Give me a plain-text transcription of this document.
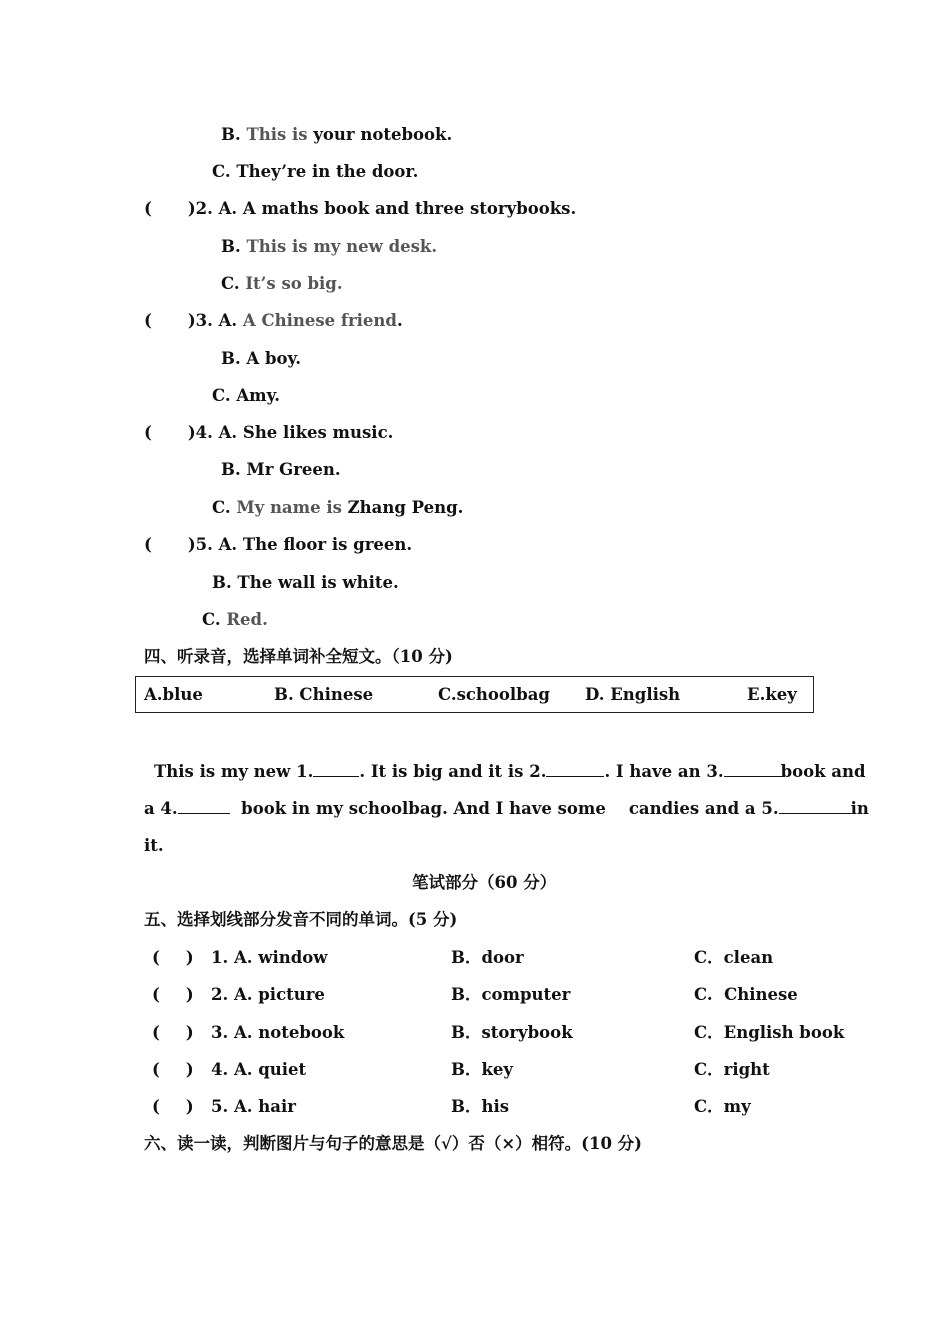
B. This is your notebook.
C. They’re in the door.
( )2. A. A maths book and three storybooks.
B. This is my new desk.
C. It’s so big.
( )3. A. A Chinese friend.
B. A boy.
C. Amy.
( )4. A. She likes music.
B. Mr Green.
C. My name is Zhang Peng.
( )5. A. The floor is green.
B. The wall is white.
C. Red.
四、听录音，选择单词补全短文。（10 分)
A.blue	B. Chinese	C.schoolbag D. English	E.key
This is my new 1.	. It is big and it is 2.	. I have an 3.	book and
a 4.	book in my schoolbag. And I have some candies and a 5.	in
it.
笔试部分（60 分）
五、选择划线部分发音不同的单词。(5 分)
( ) 1. A. window	B．door	C．clean
( ) 2. A. picture	B．computer	C.  Chinese
( ) 3. A. notebook	B．storybook	C．English book
( ) 4. A. quiet	B．key	C．right
( ) 5. A. hair	B．his	C．my
六、读一读，判断图片与句子的意思是（√）否（×）相符。(10 分)
